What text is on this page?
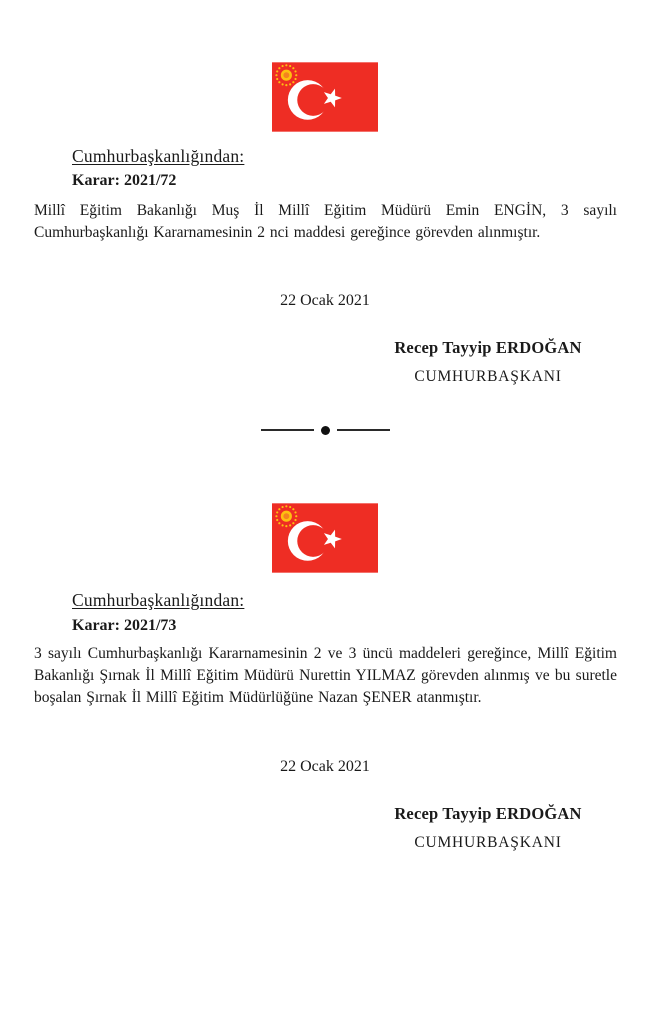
Cumhurbaşkanlığından:
Karar: 2021/72
Millî Eğitim Bakanlığı Muş İl Millî Eğitim Müdürü Emin ENGİN, 3 sayılı Cumhurbaşkanlığı Kararnamesinin 2 nci maddesi gereğince görevden alınmıştır.
22 Ocak 2021
Recep Tayyip ERDOĞAN
CUMHURBAŞKANI
Cumhurbaşkanlığından:
Karar: 2021/73
3 sayılı Cumhurbaşkanlığı Kararnamesinin 2 ve 3 üncü maddeleri gereğince, Millî Eğitim Bakanlığı Şırnak İl Millî Eğitim Müdürü Nurettin YILMAZ görevden alınmış ve bu suretle boşalan Şırnak İl Millî Eğitim Müdürlüğüne Nazan ŞENER atanmıştır.
22 Ocak 2021
Recep Tayyip ERDOĞAN
CUMHURBAŞKANI
